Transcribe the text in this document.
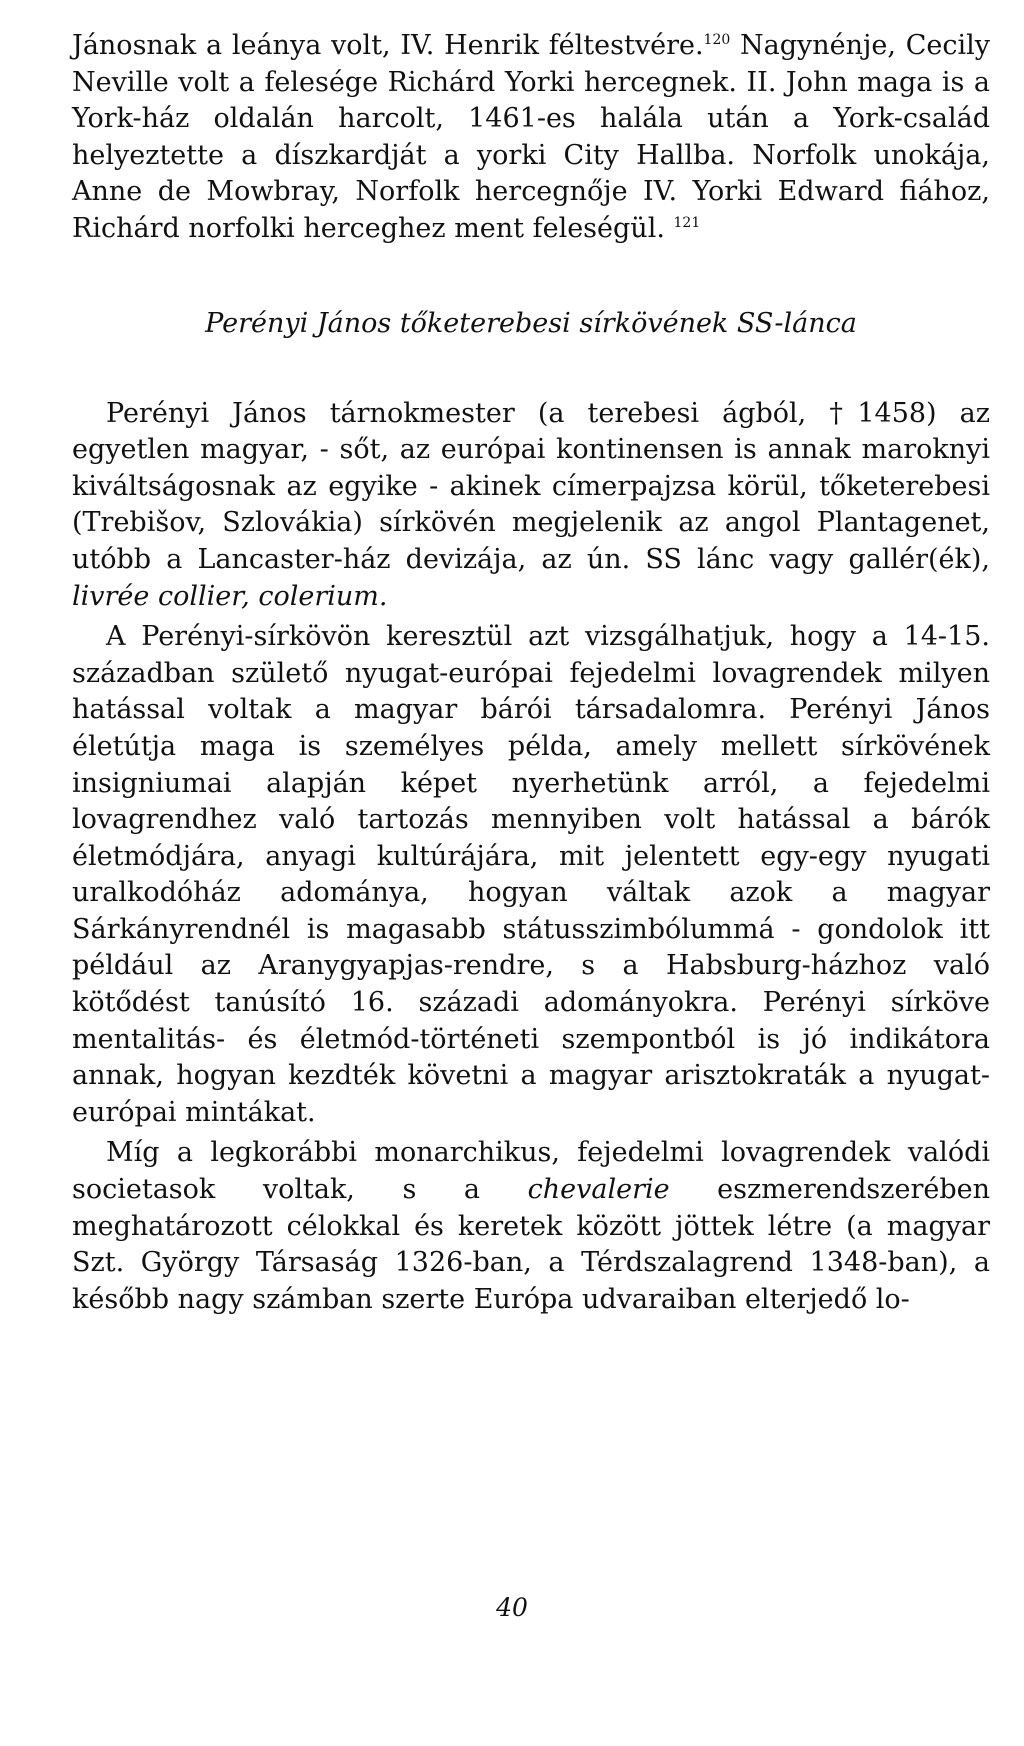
Jánosnak a leánya volt, IV. Henrik féltestvére.$^{120}$ Nagynénje, Cecily Neville volt a felesége Richárd Yorki hercegnek. II. John maga is a York-ház oldalán harcolt, 1461-es halála után a York-család helyeztette a díszkardját a yorki City Hallba. Norfolk unokája, Anne de Mowbray, Norfolk hercegnője IV. Yorki Edward fiához, Richárd norfolki herceghez ment feleségül. $^{121}$

Perényi János tőketerebesi sírkövének SS-lánca

Perényi János tárnokmester (a terebesi ágból, †1458) az egyetlen magyar, - sőt, az európai kontinensen is annak maroknyi kiváltságosnak az egyike - akinek címerpajzsa körül, tőketerebesi (Trebišov, Szlovákia) sírkövén megjelenik az angol Plantagenet, utóbb a Lancaster-ház devizája, az ún. SS lánc vagy gallér(ék), livrée collier, colerium.

A Perényi-sírkövön keresztül azt vizsgálhatjuk, hogy a 14-15. században születő nyugat-európai fejedelmi lovagrendek milyen hatással voltak a magyar bárói társadalomra. Perényi János életútja maga is személyes példa, amely mellett sírkövének insigniumai alapján képet nyerhetünk arról, a fejedelmi lovagrendhez való tartozás mennyiben volt hatással a bárók életmódjára, anyagi kultúrájára, mit jelentett egy-egy nyugati uralkodóház adománya, hogyan váltak azok a magyar Sárkányrendnél is magasabb státusszimbólummá - gondolok itt például az Aranygyapjas-rendre, s a Habsburg-házhoz való kötődést tanúsító 16. századi adományokra. Perényi sírköve mentalitás- és életmód-történeti szempontból is jó indikátora annak, hogyan kezdték követni a magyar arisztokraták a nyugat-európai mintákat.

Míg a legkorábbi monarchikus, fejedelmi lovagrendek valódi societasok voltak, s a chevalerie eszmerendszerében meghatározott célokkal és keretek között jöttek létre (a magyar Szt. György Társaság 1326-ban, a Térdszalagrend 1348-ban), a később nagy számban szerte Európa udvaraiban elterjedő lo-

40
